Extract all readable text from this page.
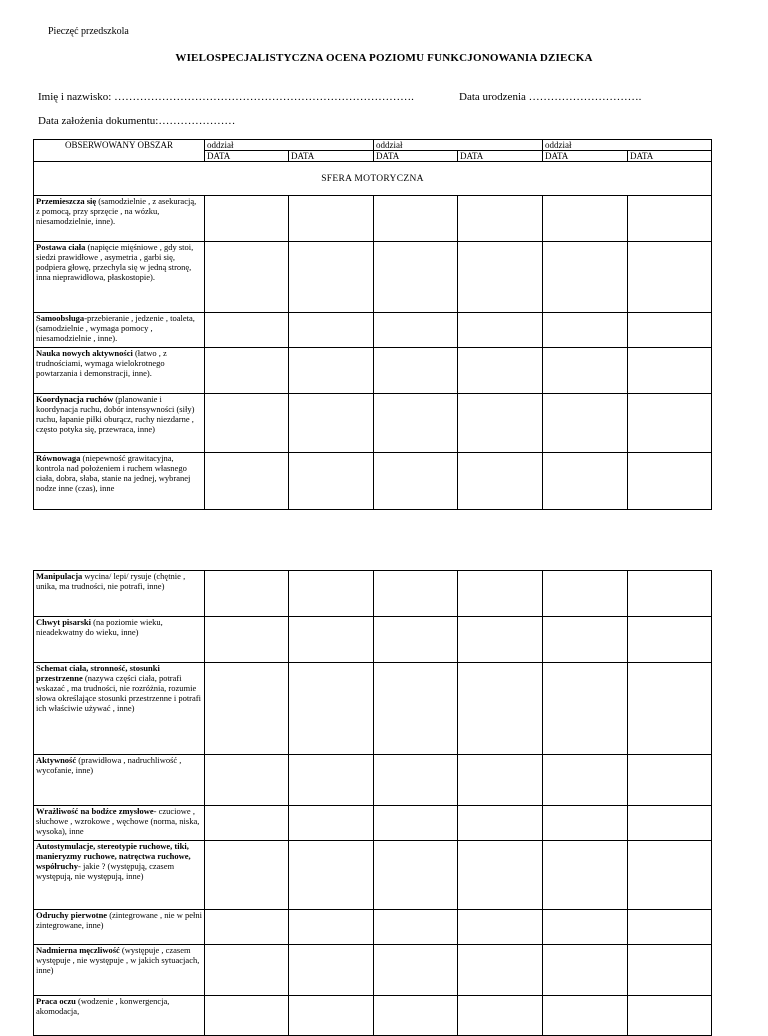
Pieczęć przedszkola
WIELOSPECJALISTYCZNA OCENA POZIOMU FUNKCJONOWANIA DZIECKA
Imię i nazwisko: ……………………………………………………………………….	Data urodzenia ………………………….
Data założenia dokumentu:…………………
OBSERWOWANY OBSZAR	oddział		oddział		oddział	
	DATA	DATA	DATA	DATA	DATA	DATA
SFERA MOTORYCZNA						
Przemieszcza się (samodzielnie , z asekuracją, z pomocą, przy sprzęcie , na wózku, niesamodzielnie, inne).						
Postawa ciała (napięcie mięśniowe , gdy stoi, siedzi prawidłowe , asymetria , garbi się, podpiera głowę, przechyla się w jedną stronę, inna nieprawidłowa, płaskostopie).						
Samoobsługa-przebieranie , jedzenie , toaleta,(samodzielnie , wymaga pomocy , niesamodzielnie , inne).						
Nauka nowych aktywności (łatwo , z trudnościami, wymaga wielokrotnego powtarzania i demonstracji, inne).						
Koordynacja ruchów (planowanie i koordynacja ruchu, dobór intensywności (siły) ruchu, łapanie piłki oburącz, ruchy niezdarne , często potyka się, przewraca, inne)						
Równowaga (niepewność grawitacyjna, kontrola nad położeniem i ruchem własnego ciała, dobra, słaba, stanie na jednej, wybranej nodze inne (czas), inne						
Manipulacja wycina/ lepi/ rysuje (chętnie , unika, ma trudności, nie potrafi, inne)						
Chwyt pisarski (na poziomie wieku, nieadekwatny do wieku, inne)						
Schemat ciała, stronność, stosunki przestrzenne (nazywa części ciała, potrafi wskazać , ma trudności, nie rozróżnia, rozumie słowa określające stosunki przestrzenne i potrafi ich właściwie używać , inne)						
Aktywność (prawidłowa , nadruchliwość , wycofanie, inne)						
Wrażliwość na bodźce zmysłowe- czuciowe , słuchowe , wzrokowe , węchowe (norma, niska, wysoka), inne						
Autostymulacje, stereotypie ruchowe, tiki, manieryzmy ruchowe, natręctwa ruchowe, współruchy- jakie ? (występują, czasem występują, nie występują, inne)						
Odruchy pierwotne (zintegrowane , nie w pełni zintegrowane, inne)						
Nadmierna męczliwość (występuje , czasem występuje , nie występuje , w jakich sytuacjach, inne)						
Praca oczu (wodzenie , konwergencja, akomodacja,						
